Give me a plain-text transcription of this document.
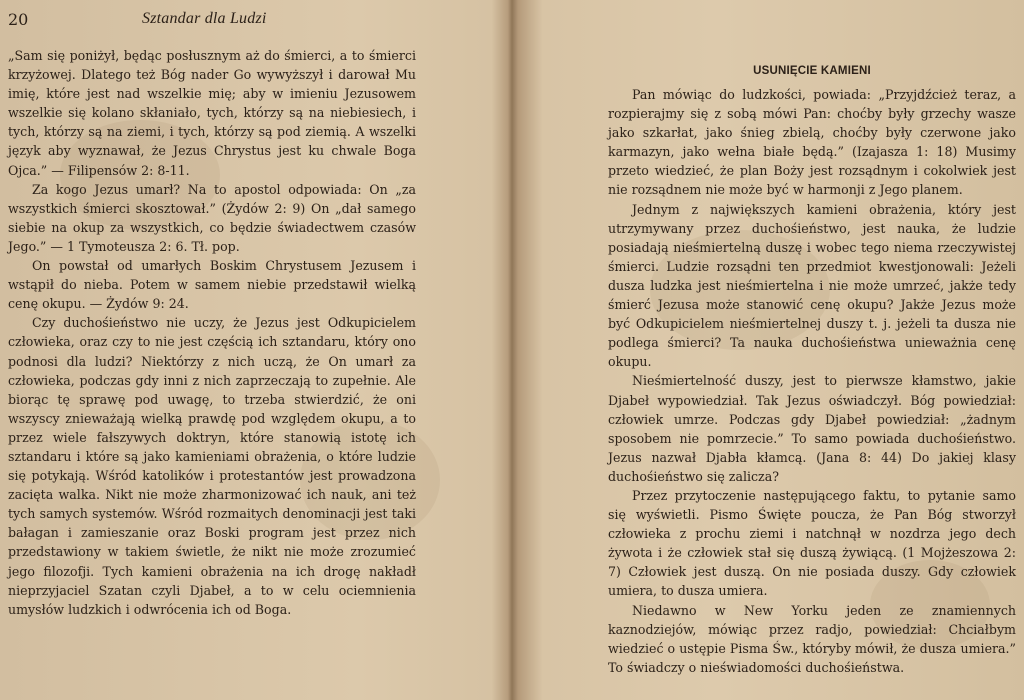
20	Sztandar dla Ludzi

„Sam się poniżył, będąc posłusznym aż do śmierci, a to śmierci krzyżowej. Dlatego też Bóg nader Go wywyższył i darował Mu imię, które jest nad wszelkie mię; aby w imieniu Jezusowem wszelkie się kolano skłaniało, tych, którzy są na niebiesiech, i tych, którzy są na ziemi, i tych, którzy są pod ziemią. A wszelki język aby wyznawał, że Jezus Chrystus jest ku chwale Boga Ojca.” — Filipensów 2: 8-11.

Za kogo Jezus umarł? Na to apostol odpowiada: On „za wszystkich śmierci skosztował.” (Żydów 2: 9) On „dał samego siebie na okup za wszystkich, co będzie świadectwem czasów Jego.” — 1 Tymoteusza 2: 6. Tł. pop.

On powstał od umarłych Boskim Chrystusem Jezusem i wstąpił do nieba. Potem w samem niebie przedstawił wielką cenę okupu. — Żydów 9: 24.

Czy duchośieństwo nie uczy, że Jezus jest Odkupicielem człowieka, oraz czy to nie jest częścią ich sztandaru, który ono podnosi dla ludzi? Niektórzy z nich uczą, że On umarł za człowieka, podczas gdy inni z nich zaprzeczają to zupełnie. Ale biorąc tę sprawę pod uwagę, to trzeba stwierdzić, że oni wszyscy znieważają wielką prawdę pod względem okupu, a to przez wiele fałszywych doktryn, które stanowią istotę ich sztandaru i które są jako kamieniami obrażenia, o które ludzie się potykają. Wśród katolików i protestantów jest prowadzona zacięta walka. Nikt nie może zharmonizować ich nauk, ani też tych samych systemów. Wśród rozmaitych denominacji jest taki bałagan i zamieszanie oraz Boski program jest przez nich przedstawiony w takiem świetle, że nikt nie może zrozumieć jego filozofji. Tych kamieni obrażenia na ich drogę nakładł nieprzyjaciel Szatan czyli Djabeł, a to w celu ociemnienia umysłów ludzkich i odwrócenia ich od Boga.

USUNIĘCIE KAMIENI

Pan mówiąc do ludzkości, powiada: „Przyjdźcież teraz, a rozpierajmy się z sobą mówi Pan: choćby były grzechy wasze jako szkarłat, jako śnieg zbielą, choćby były czerwone jako karmazyn, jako wełna białe będą.” (Izajasza 1: 18) Musimy przeto wiedzieć, że plan Boży jest rozsądnym i cokolwiek jest nie rozsądnem nie może być w harmonji z Jego planem.

Jednym z największych kamieni obrażenia, który jest utrzymywany przez duchośieństwo, jest nauka, że ludzie posiadają nieśmiertelną duszę i wobec tego niema rzeczywistej śmierci. Ludzie rozsądni ten przedmiot kwestjonowali: Jeżeli dusza ludzka jest nieśmiertelna i nie może umrzeć, jakże tedy śmierć Jezusa może stanowić cenę okupu? Jakże Jezus może być Odkupicielem nieśmiertelnej duszy t. j. jeżeli ta dusza nie podlega śmierci? Ta nauka duchośieństwa unieważnia cenę okupu.

Nieśmiertelność duszy, jest to pierwsze kłamstwo, jakie Djabeł wypowiedział. Tak Jezus oświadczył. Bóg powiedział: człowiek umrze. Podczas gdy Djabeł powiedział: „żadnym sposobem nie pomrzecie.” To samo powiada duchośieństwo. Jezus nazwał Djabła kłamcą. (Jana 8: 44) Do jakiej klasy duchośieństwo się zalicza?

Przez przytoczenie następującego faktu, to pytanie samo się wyświetli. Pismo Święte poucza, że Pan Bóg stworzył człowieka z prochu ziemi i natchnął w nozdrza jego dech żywota i że człowiek stał się duszą żywiącą. (1 Mojżeszowa 2: 7) Człowiek jest duszą. On nie posiada duszy. Gdy człowiek umiera, to dusza umiera.

Niedawno w New Yorku jeden ze znamiennych kaznodziejów, mówiąc przez radjo, powiedział: Chciałbym wiedzieć o ustępie Pisma Św., któryby mówił, że dusza umiera.” To świadczy o nieświadomości duchośieństwa.
